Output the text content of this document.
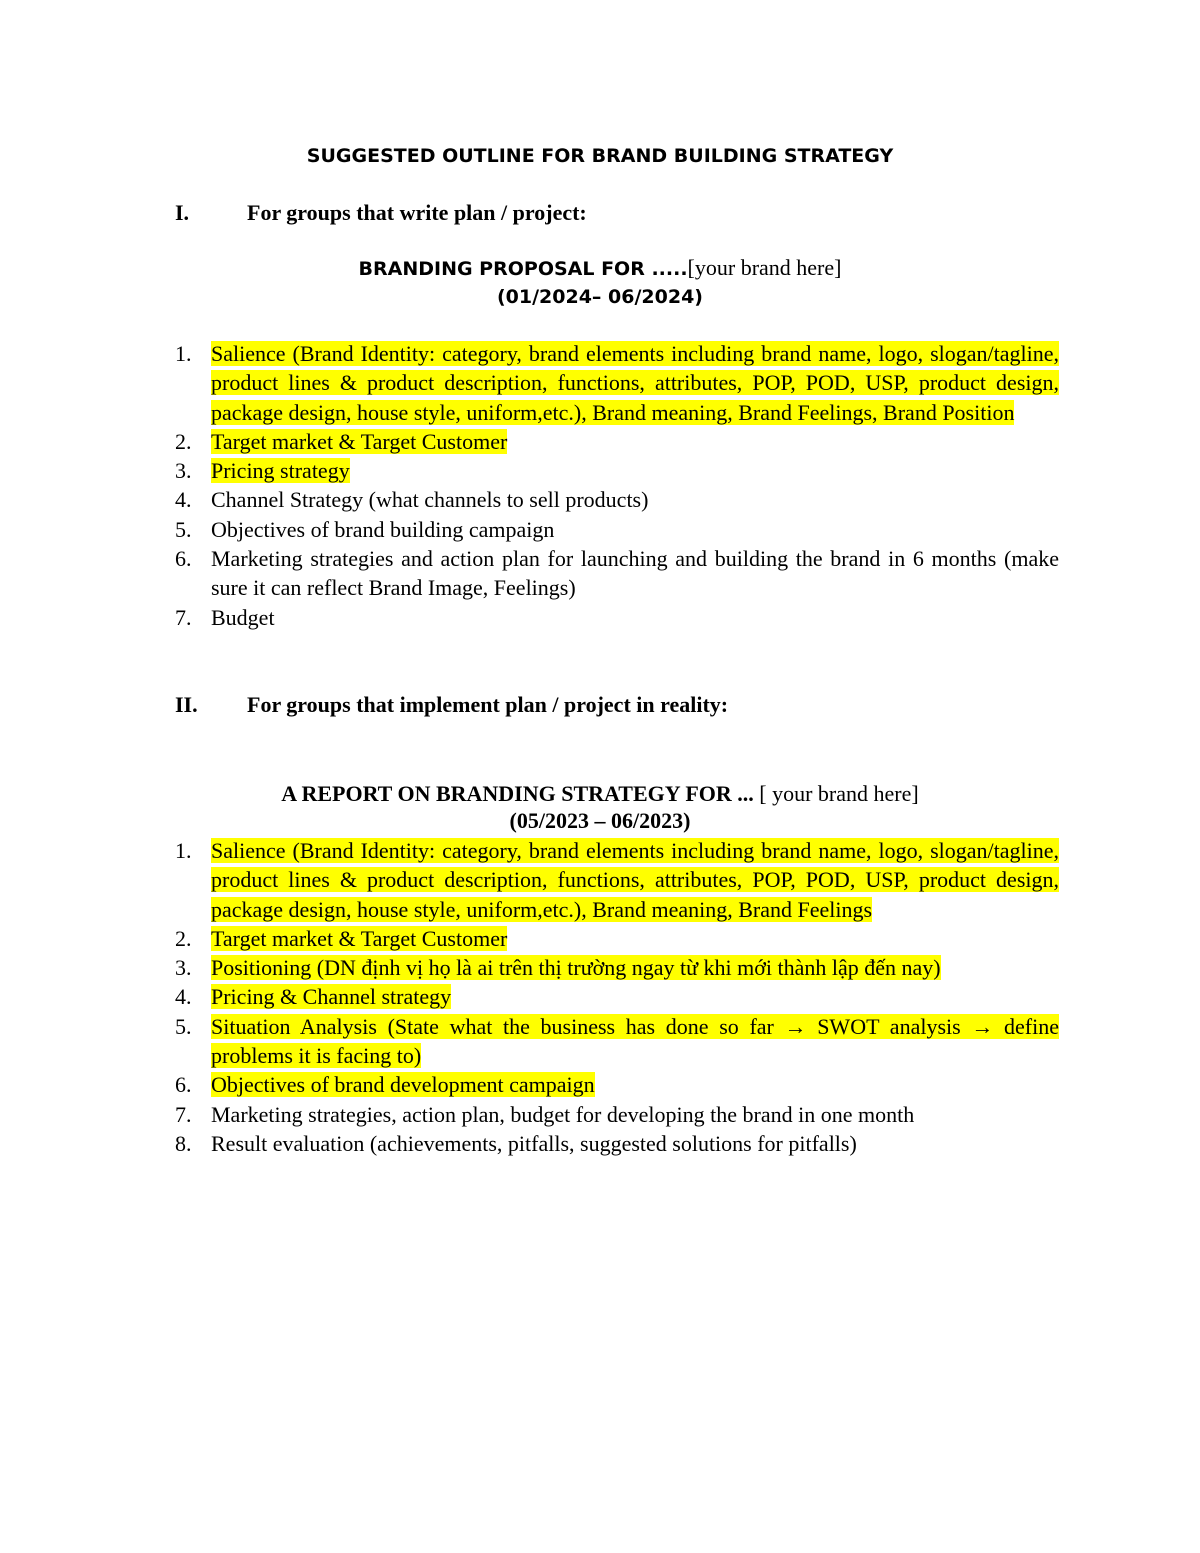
SUGGESTED OUTLINE FOR BRAND BUILDING STRATEGY
I.	For groups that write plan / project:
BRANDING PROPOSAL FOR .....[your brand here]
(01/2024– 06/2024)
1. Salience (Brand Identity: category, brand elements including brand name, logo, slogan/tagline, product lines & product description, functions, attributes, POP, POD, USP, product design, package design, house style, uniform,etc.), Brand meaning, Brand Feelings, Brand Position
2. Target market & Target Customer
3. Pricing strategy
4. Channel Strategy (what channels to sell products)
5. Objectives of brand building campaign
6. Marketing strategies and action plan for launching and building the brand in 6 months (make sure it can reflect Brand Image, Feelings)
7. Budget
II. For groups that implement plan / project in reality:
A REPORT ON BRANDING STRATEGY FOR ... [ your brand here]
(05/2023 – 06/2023)
1. Salience (Brand Identity: category, brand elements including brand name, logo, slogan/tagline, product lines & product description, functions, attributes, POP, POD, USP, product design, package design, house style, uniform,etc.), Brand meaning, Brand Feelings
2. Target market & Target Customer
3. Positioning (DN định vị họ là ai trên thị trường ngay từ khi mới thành lập đến nay)
4. Pricing & Channel strategy
5. Situation Analysis (State what the business has done so far → SWOT analysis → define problems it is facing to)
6. Objectives of brand development campaign
7. Marketing strategies, action plan, budget for developing the brand in one month
8. Result evaluation (achievements, pitfalls, suggested solutions for pitfalls)
